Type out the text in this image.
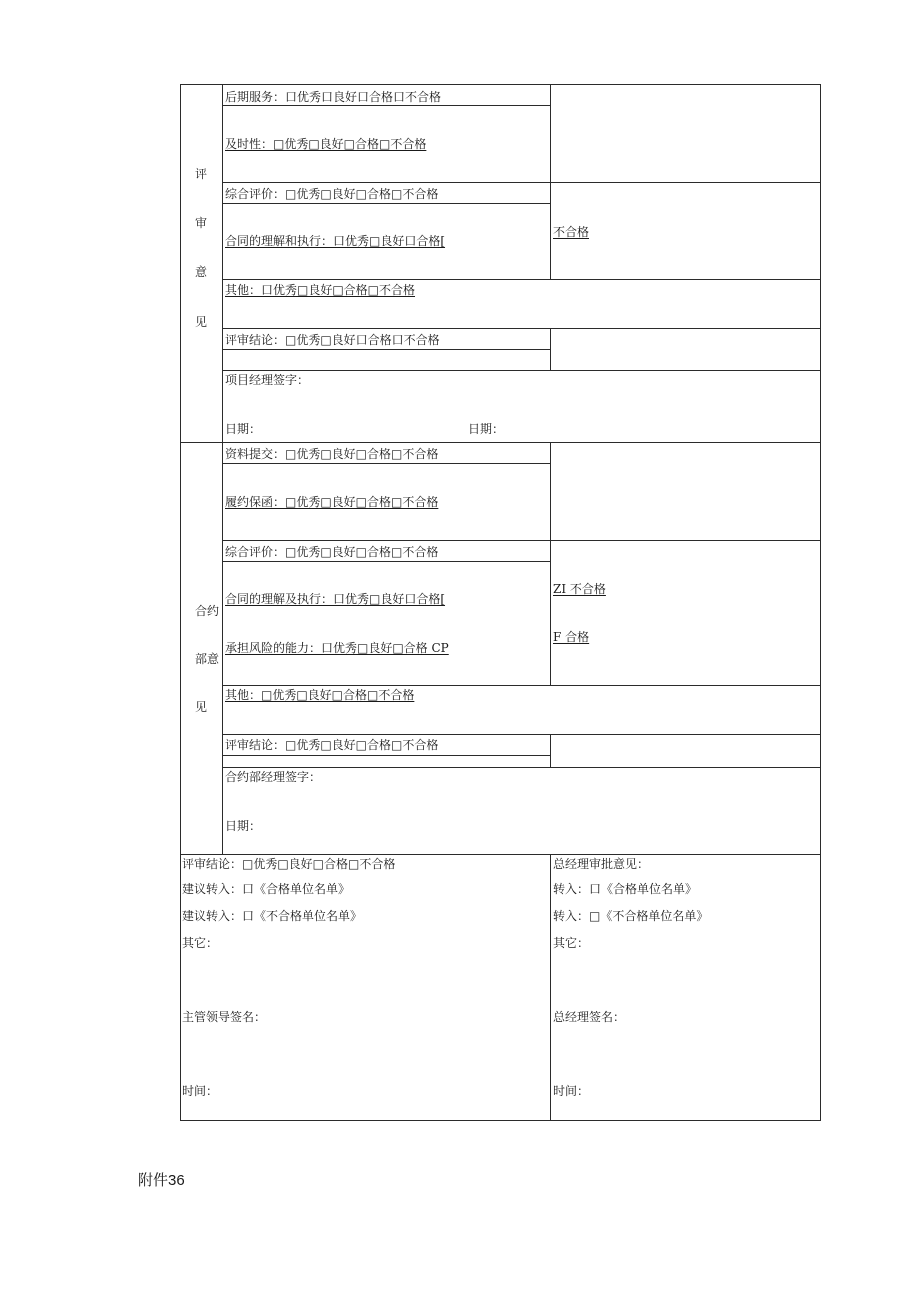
评
审
意
见
后期服务：口优秀口良好口合格口不合格
及时性：□优秀□良好□合格□不合格
综合评价：□优秀□良好□合格□不合格
合同的理解和执行：口优秀□良好口合格[
不合格
其他：口优秀□良好□合格□不合格
评审结论：□优秀□良好口合格口不合格
项目经理签字：
日期：	日期：
合约
部意
见
资料提交：□优秀□良好□合格□不合格
履约保函：□优秀□良好□合格□不合格
综合评价：□优秀□良好□合格□不合格
合同的理解及执行：口优秀□良好口合格[
ZI 不合格
承担风险的能力：口优秀□良好□合格 CP
F 合格
其他：□优秀□良好□合格□不合格
评审结论：□优秀□良好□合格□不合格
合约部经理签字：
日期：
评审结论：□优秀□良好□合格□不合格
建议转入：口《合格单位名单》
建议转入：口《不合格单位名单》
其它：
主管领导签名：
时间：
总经理审批意见：
转入：口《合格单位名单》
转入：□《不合格单位名单》
其它：
总经理签名：
时间：
附件36
